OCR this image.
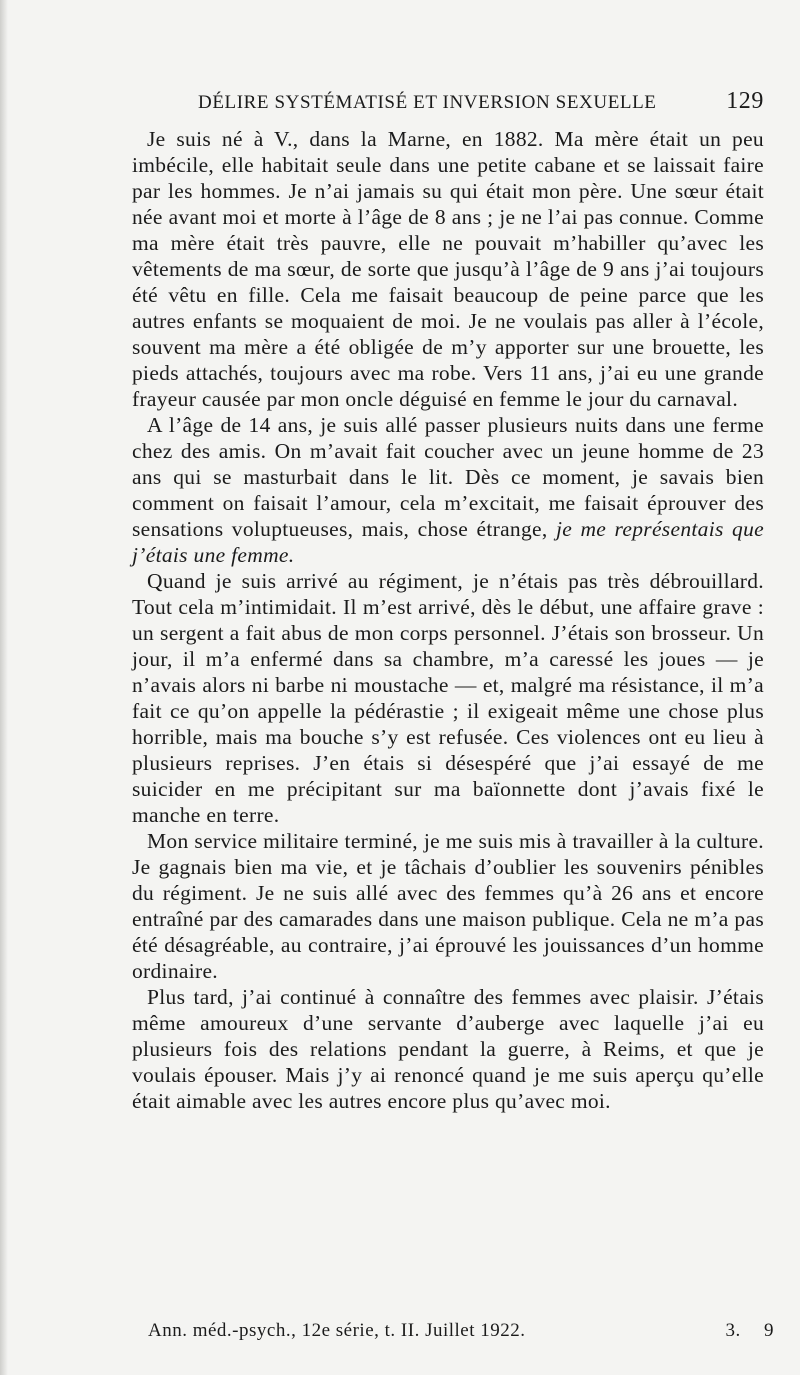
DÉLIRE SYSTÉMATISÉ ET INVERSION SEXUELLE	129

Je suis né à V., dans la Marne, en 1882. Ma mère était un peu imbécile, elle habitait seule dans une petite cabane et se laissait faire par les hommes. Je n’ai jamais su qui était mon père. Une sœur était née avant moi et morte à l’âge de 8 ans ; je ne l’ai pas connue. Comme ma mère était très pauvre, elle ne pouvait m’habiller qu’avec les vêtements de ma sœur, de sorte que jusqu’à l’âge de 9 ans j’ai toujours été vêtu en fille. Cela me faisait beaucoup de peine parce que les autres enfants se moquaient de moi. Je ne voulais pas aller à l’école, souvent ma mère a été obligée de m’y apporter sur une brouette, les pieds attachés, toujours avec ma robe. Vers 11 ans, j’ai eu une grande frayeur causée par mon oncle déguisé en femme le jour du carnaval.

A l’âge de 14 ans, je suis allé passer plusieurs nuits dans une ferme chez des amis. On m’avait fait coucher avec un jeune homme de 23 ans qui se masturbait dans le lit. Dès ce moment, je savais bien comment on faisait l’amour, cela m’excitait, me faisait éprouver des sensations voluptueuses, mais, chose étrange, je me représentais que j’étais une femme.

Quand je suis arrivé au régiment, je n’étais pas très débrouillard. Tout cela m’intimidait. Il m’est arrivé, dès le début, une affaire grave : un sergent a fait abus de mon corps personnel. J’étais son brosseur. Un jour, il m’a enfermé dans sa chambre, m’a caressé les joues — je n’avais alors ni barbe ni moustache — et, malgré ma résistance, il m’a fait ce qu’on appelle la pédérastie ; il exigeait même une chose plus horrible, mais ma bouche s’y est refusée. Ces violences ont eu lieu à plusieurs reprises. J’en étais si désespéré que j’ai essayé de me suicider en me précipitant sur ma baïonnette dont j’avais fixé le manche en terre.

Mon service militaire terminé, je me suis mis à travailler à la culture. Je gagnais bien ma vie, et je tâchais d’oublier les souvenirs pénibles du régiment. Je ne suis allé avec des femmes qu’à 26 ans et encore entraîné par des camarades dans une maison publique. Cela ne m’a pas été désagréable, au contraire, j’ai éprouvé les jouissances d’un homme ordinaire.

Plus tard, j’ai continué à connaître des femmes avec plaisir. J’étais même amoureux d’une servante d’auberge avec laquelle j’ai eu plusieurs fois des relations pendant la guerre, à Reims, et que je voulais épouser. Mais j’y ai renoncé quand je me suis aperçu qu’elle était aimable avec les autres encore plus qu’avec moi.

Ann. méd.-psych., 12e série, t. II. Juillet 1922.	3. 9
